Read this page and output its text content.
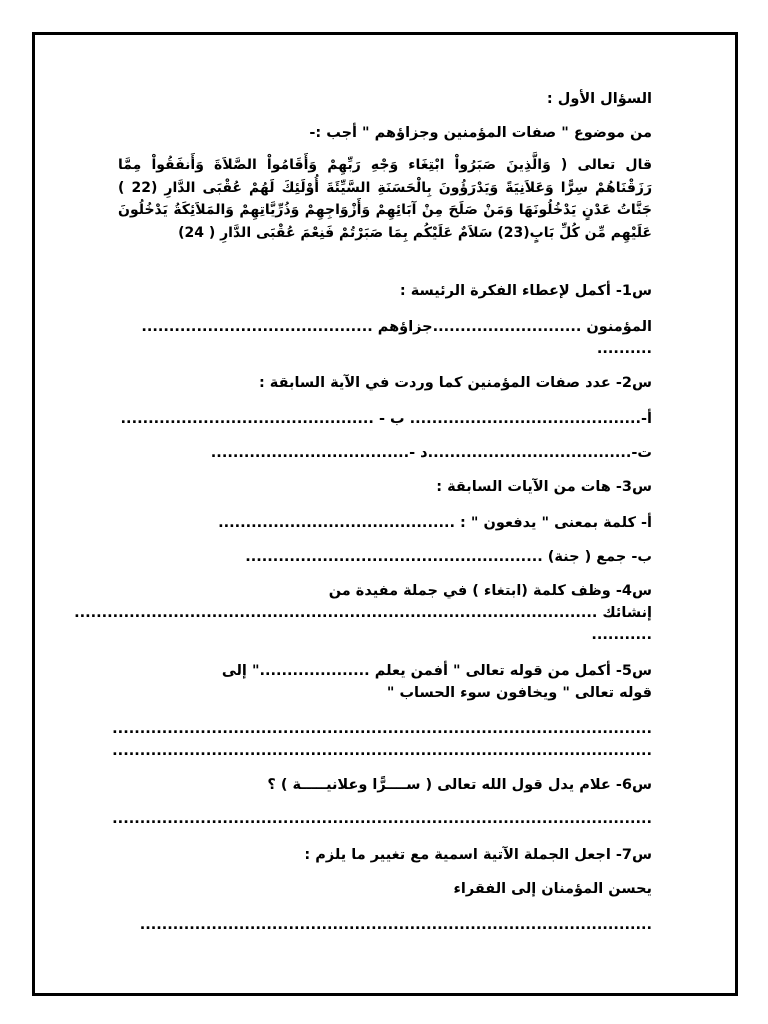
السؤال الأول :
من موضوع " صفات المؤمنين وجزاؤهم " أجب :-
قال تعالى ( وَالَّذِينَ صَبَرُواْ ابْتِغَاء وَجْهِ رَبِّهِمْ وَأَقَامُواْ الصَّلاَةَ وَأَنفَقُواْ مِمَّا رَزَقْنَاهُمْ سِرًّا وَعَلاَنِيَةً وَيَدْرَؤُونَ بِالْحَسَنَةِ السَّيِّئَةَ أُوْلَئِكَ لَهُمْ عُقْبَى الدَّارِ (22 ) جَنَّاتُ عَدْنٍ يَدْخُلُونَهَا وَمَنْ صَلَحَ مِنْ آبَائِهِمْ وَأَزْوَاجِهِمْ وَذُرِّيَّاتِهِمْ وَالمَلاَئِكَةُ يَدْخُلُونَ عَلَيْهِم مِّن كُلِّ بَابٍ(23) سَلاَمٌ عَلَيْكُم بِمَا صَبَرْتُمْ فَنِعْمَ عُقْبَى الدَّارِ ( 24)
س1- أكمل لإعطاء الفكرة الرئيسة :
المؤمنون ...........................جزاؤهم ..........................................
..........
س2- عدد صفات المؤمنين كما وردت في الآية السابقة :
أ-.......................................... ب - ..............................................
ت-.....................................د -....................................
س3- هات من الآيات السابقة :
أ- كلمة بمعنى " يدفعون " : ...........................................
ب- جمع ( جنة) ......................................................
س4- وظف كلمة (ابتغاء ) في جملة مفيدة من
إنشائك ...............................................................................................
...........
س5- أكمل من قوله تعالى " أفمن يعلم ...................." إلى
قوله تعالى " ويخافون سوء الحساب "
..................................................................................................
..................................................................................................
س6- علام يدل قول الله تعالى ( ســــرًّا وعلانيـــــة ) ؟
..................................................................................................
س7- اجعل الجملة الآتية اسمية مع تغيير ما يلزم :
يحسن المؤمنان إلى الفقراء
.............................................................................................
